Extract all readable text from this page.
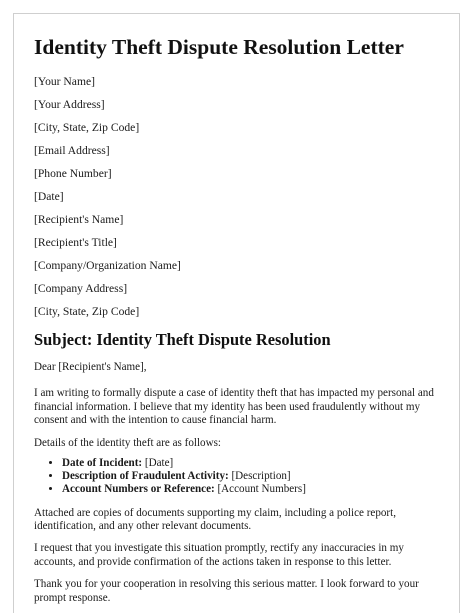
Identity Theft Dispute Resolution Letter
[Your Name]
[Your Address]
[City, State, Zip Code]
[Email Address]
[Phone Number]
[Date]
[Recipient's Name]
[Recipient's Title]
[Company/Organization Name]
[Company Address]
[City, State, Zip Code]
Subject: Identity Theft Dispute Resolution

Dear [Recipient's Name],

I am writing to formally dispute a case of identity theft that has impacted my personal and financial information. I believe that my identity has been used fraudulently without my consent and with the intention to cause financial harm.

Details of the identity theft are as follows:

• Date of Incident: [Date]
• Description of Fraudulent Activity: [Description]
• Account Numbers or Reference: [Account Numbers]

Attached are copies of documents supporting my claim, including a police report, identification, and any other relevant documents.

I request that you investigate this situation promptly, rectify any inaccuracies in my accounts, and provide confirmation of the actions taken in response to this letter.

Thank you for your cooperation in resolving this serious matter. I look forward to your prompt response.
